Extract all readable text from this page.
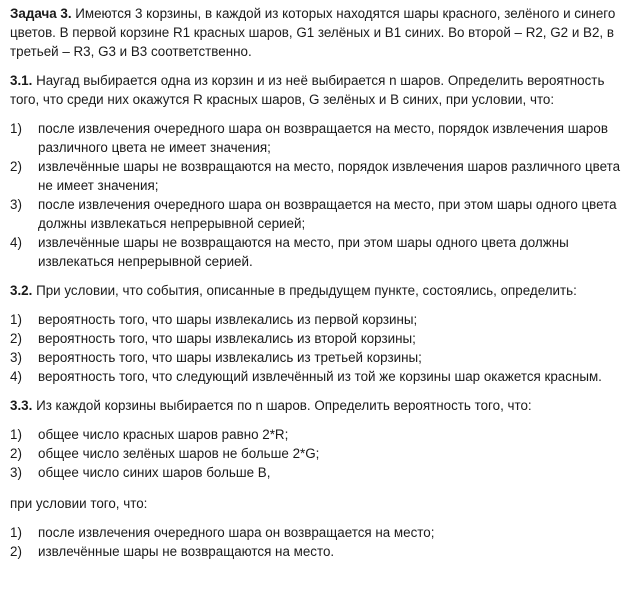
Задача 3. Имеются 3 корзины, в каждой из которых находятся шары красного, зелёного и синего цветов. В первой корзине R1 красных шаров, G1 зелёных и B1 синих. Во второй – R2, G2 и B2, в третьей – R3, G3 и B3 соответственно.

3.1. Наугад выбирается одна из корзин и из неё выбирается n шаров. Определить вероятность того, что среди них окажутся R красных шаров, G зелёных и B синих, при условии, что:

1)	после извлечения очередного шара он возвращается на место, порядок извлечения шаров различного цвета не имеет значения;
2)	извлечённые шары не возвращаются на место, порядок извлечения шаров различного цвета не имеет значения;
3)	после извлечения очередного шара он возвращается на место, при этом шары одного цвета должны извлекаться непрерывной серией;
4)	извлечённые шары не возвращаются на место, при этом шары одного цвета должны извлекаться непрерывной серией.

3.2. При условии, что события, описанные в предыдущем пункте, состоялись, определить:

1)	вероятность того, что шары извлекались из первой корзины;
2)	вероятность того, что шары извлекались из второй корзины;
3)	вероятность того, что шары извлекались из третьей корзины;
4)	вероятность того, что следующий извлечённый из той же корзины шар окажется красным.

3.3. Из каждой корзины выбирается по n шаров. Определить вероятность того, что:

1)	общее число красных шаров равно 2*R;
2)	общее число зелёных шаров не больше 2*G;
3)	общее число синих шаров больше B,

при условии того, что:

1)	после извлечения очередного шара он возвращается на место;
2)	извлечённые шары не возвращаются на место.
